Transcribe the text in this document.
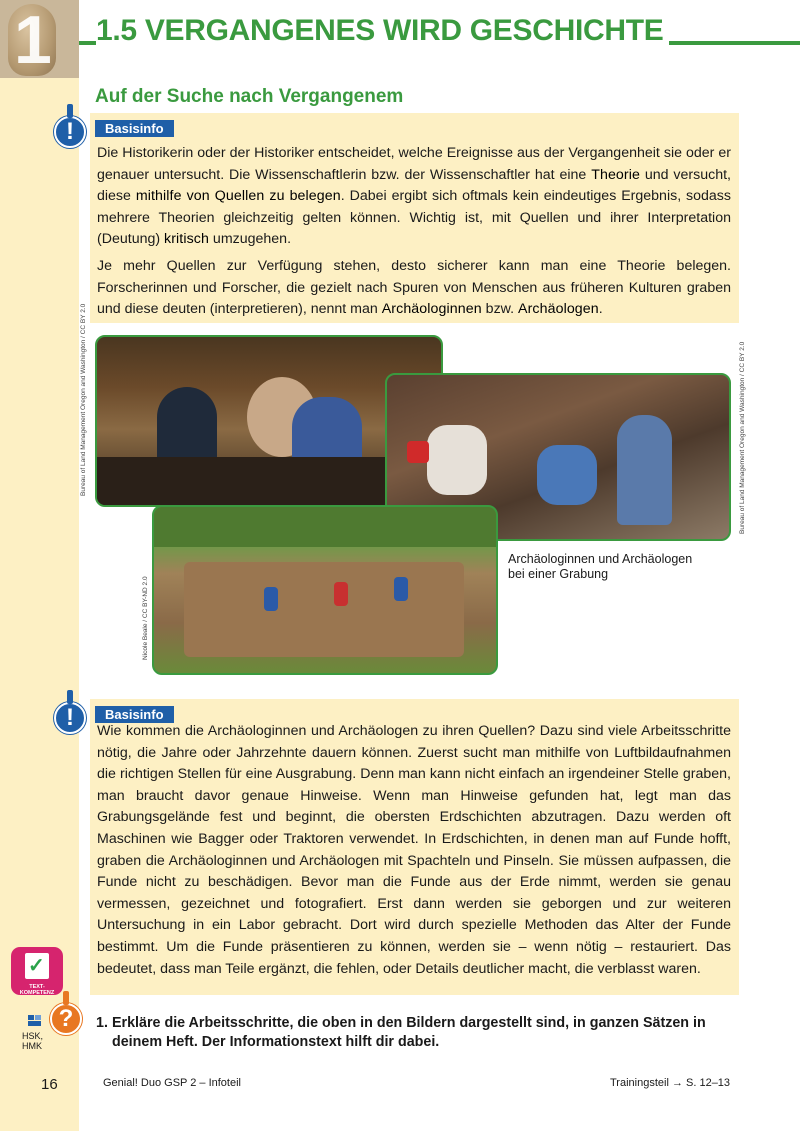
1 1.5 VERGANGENES WIRD GESCHICHTE
Auf der Suche nach Vergangenem
!	Basisinfo

Die Historikerin oder der Historiker entscheidet, welche Ereignisse aus der Vergangenheit sie oder er genauer untersucht. Die Wissenschaftlerin bzw. der Wissenschaftler hat eine Theorie und versucht, diese mithilfe von Quellen zu belegen. Dabei ergibt sich oftmals kein eindeutiges Ergebnis, sodass mehrere Theorien gleichzeitig gelten können. Wichtig ist, mit Quellen und ihrer Interpretation (Deutung) kritisch umzugehen.

Je mehr Quellen zur Verfügung stehen, desto sicherer kann man eine Theorie belegen. Forscherinnen und Forscher, die gezielt nach Spuren von Menschen aus früheren Kulturen graben und diese deuten (interpretieren), nennt man Archäologinnen bzw. Archäologen.

Bureau of Land Management Oregon and Washington / CC BY 2.0	Bureau of Land Management Oregon and Washington / CC BY 2.0
Nicole Beale / CC BY-ND 2.0
Archäologinnen und Archäologen
bei einer Grabung
!	Basisinfo

Wie kommen die Archäologinnen und Archäologen zu ihren Quellen? Dazu sind viele Arbeitsschritte nötig, die Jahre oder Jahrzehnte dauern können. Zuerst sucht man mithilfe von Luftbildaufnahmen die richtigen Stellen für eine Ausgrabung. Denn man kann nicht einfach an irgendeiner Stelle graben, man braucht davor genaue Hinweise. Wenn man Hinweise gefunden hat, legt man das Grabungsgelände fest und beginnt, die obersten Erdschichten abzutragen. Dazu werden oft Maschinen wie Bagger oder Traktoren verwendet. In Erdschichten, in denen man auf Funde hofft, graben die Archäologinnen und Archäologen mit Spachteln und Pinseln. Sie müssen aufpassen, die Funde nicht zu beschädigen. Bevor man die Funde aus der Erde nimmt, werden sie genau vermessen, gezeichnet und fotografiert. Erst dann werden sie geborgen und zur weiteren Untersuchung in ein Labor gebracht. Dort wird durch spezielle Methoden das Alter der Funde bestimmt. Um die Funde präsentieren zu können, werden sie – wenn nötig – restauriert. Das bedeutet, dass man Teile ergänzt, die fehlen, oder Details deutlicher macht, die verblasst waren.

✓
TEXT-
KOMPETENZ
HSK,
HMK
?	1. Erkläre die Arbeitsschritte, die oben in den Bildern dargestellt sind, in ganzen Sätzen in
deinem Heft. Der Informationstext hilft dir dabei.
16	Genial! Duo GSP 2 – Infoteil	Trainingsteil → S. 12–13
